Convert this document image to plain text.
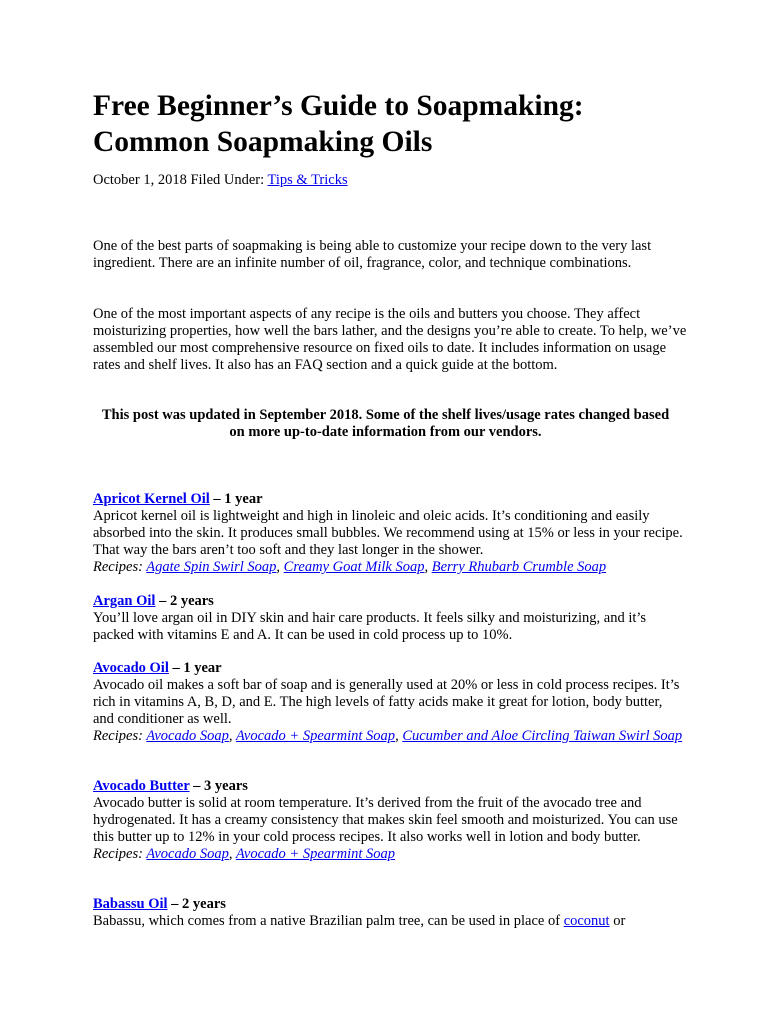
Free Beginner’s Guide to Soapmaking:
Common Soapmaking Oils
October 1, 2018 Filed Under: Tips & Tricks

One of the best parts of soapmaking is being able to customize your recipe down to the very last ingredient. There are an infinite number of oil, fragrance, color, and technique combinations.

One of the most important aspects of any recipe is the oils and butters you choose. They affect moisturizing properties, how well the bars lather, and the designs you’re able to create. To help, we’ve assembled our most comprehensive resource on fixed oils to date. It includes information on usage rates and shelf lives. It also has an FAQ section and a quick guide at the bottom.

This post was updated in September 2018. Some of the shelf lives/usage rates changed based on more up-to-date information from our vendors.

Apricot Kernel Oil – 1 year

Apricot kernel oil is lightweight and high in linoleic and oleic acids. It’s conditioning and easily absorbed into the skin. It produces small bubbles. We recommend using at 15% or less in your recipe. That way the bars aren’t too soft and they last longer in the shower.

Recipes: Agate Spin Swirl Soap, Creamy Goat Milk Soap, Berry Rhubarb Crumble Soap

Argan Oil – 2 years

You’ll love argan oil in DIY skin and hair care products. It feels silky and moisturizing, and it’s packed with vitamins E and A. It can be used in cold process up to 10%.

Avocado Oil – 1 year

Avocado oil makes a soft bar of soap and is generally used at 20% or less in cold process recipes. It’s rich in vitamins A, B, D, and E. The high levels of fatty acids make it great for lotion, body butter, and conditioner as well.

Recipes: Avocado Soap, Avocado + Spearmint Soap, Cucumber and Aloe Circling Taiwan Swirl Soap

Avocado Butter – 3 years

Avocado butter is solid at room temperature. It’s derived from the fruit of the avocado tree and hydrogenated. It has a creamy consistency that makes skin feel smooth and moisturized. You can use this butter up to 12% in your cold process recipes. It also works well in lotion and body butter.

Recipes: Avocado Soap, Avocado + Spearmint Soap

Babassu Oil – 2 years

Babassu, which comes from a native Brazilian palm tree, can be used in place of coconut or
